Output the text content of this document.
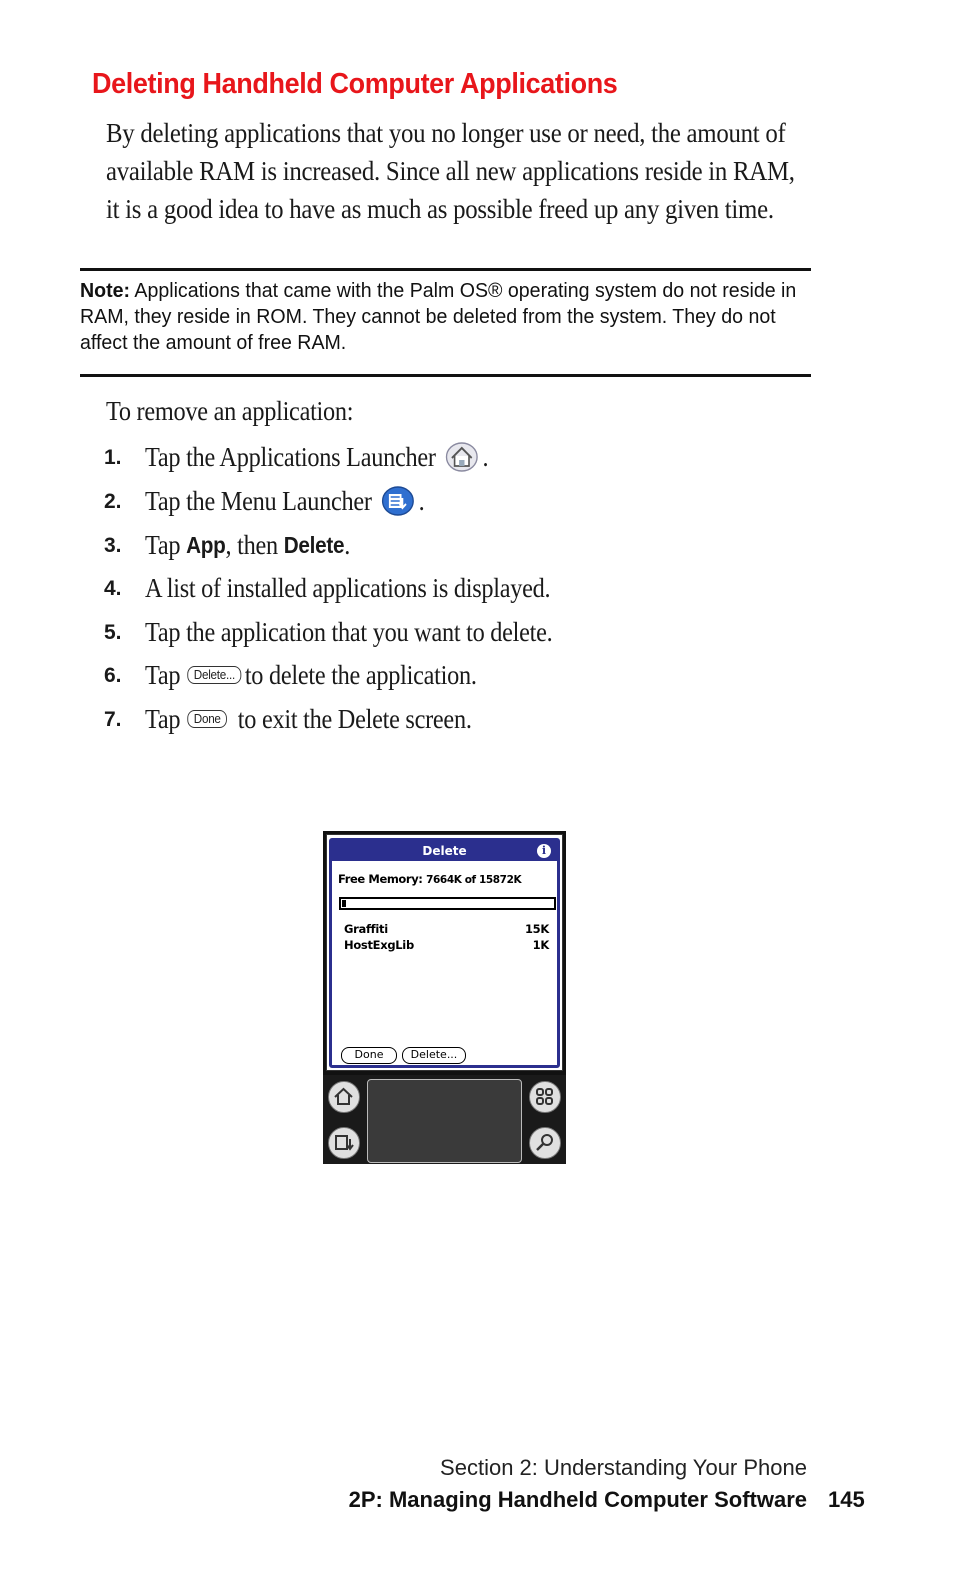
Deleting Handheld Computer Applications
By deleting applications that you no longer use or need, the amount of available RAM is increased. Since all new applications reside in RAM, it is a good idea to have as much as possible freed up any given time.
Note: Applications that came with the Palm OS® operating system do not reside in RAM, they reside in ROM. They cannot be deleted from the system. They do not affect the amount of free RAM.
To remove an application:
1. Tap the Applications Launcher .
2. Tap the Menu Launcher .
3. Tap
App , then
Delete .
4. A list of installed applications is displayed.
5. Tap the application that you want to delete.
6. Tap	Delete... to delete the application.
7. Tap	Done to exit the Delete screen.
Delete	i
Free Memory: 7664K of 15872K
Graffiti	15K
HostExgLib	1K
Done	Delete...
Section 2: Understanding Your Phone
2P: Managing Handheld Computer Software 145
